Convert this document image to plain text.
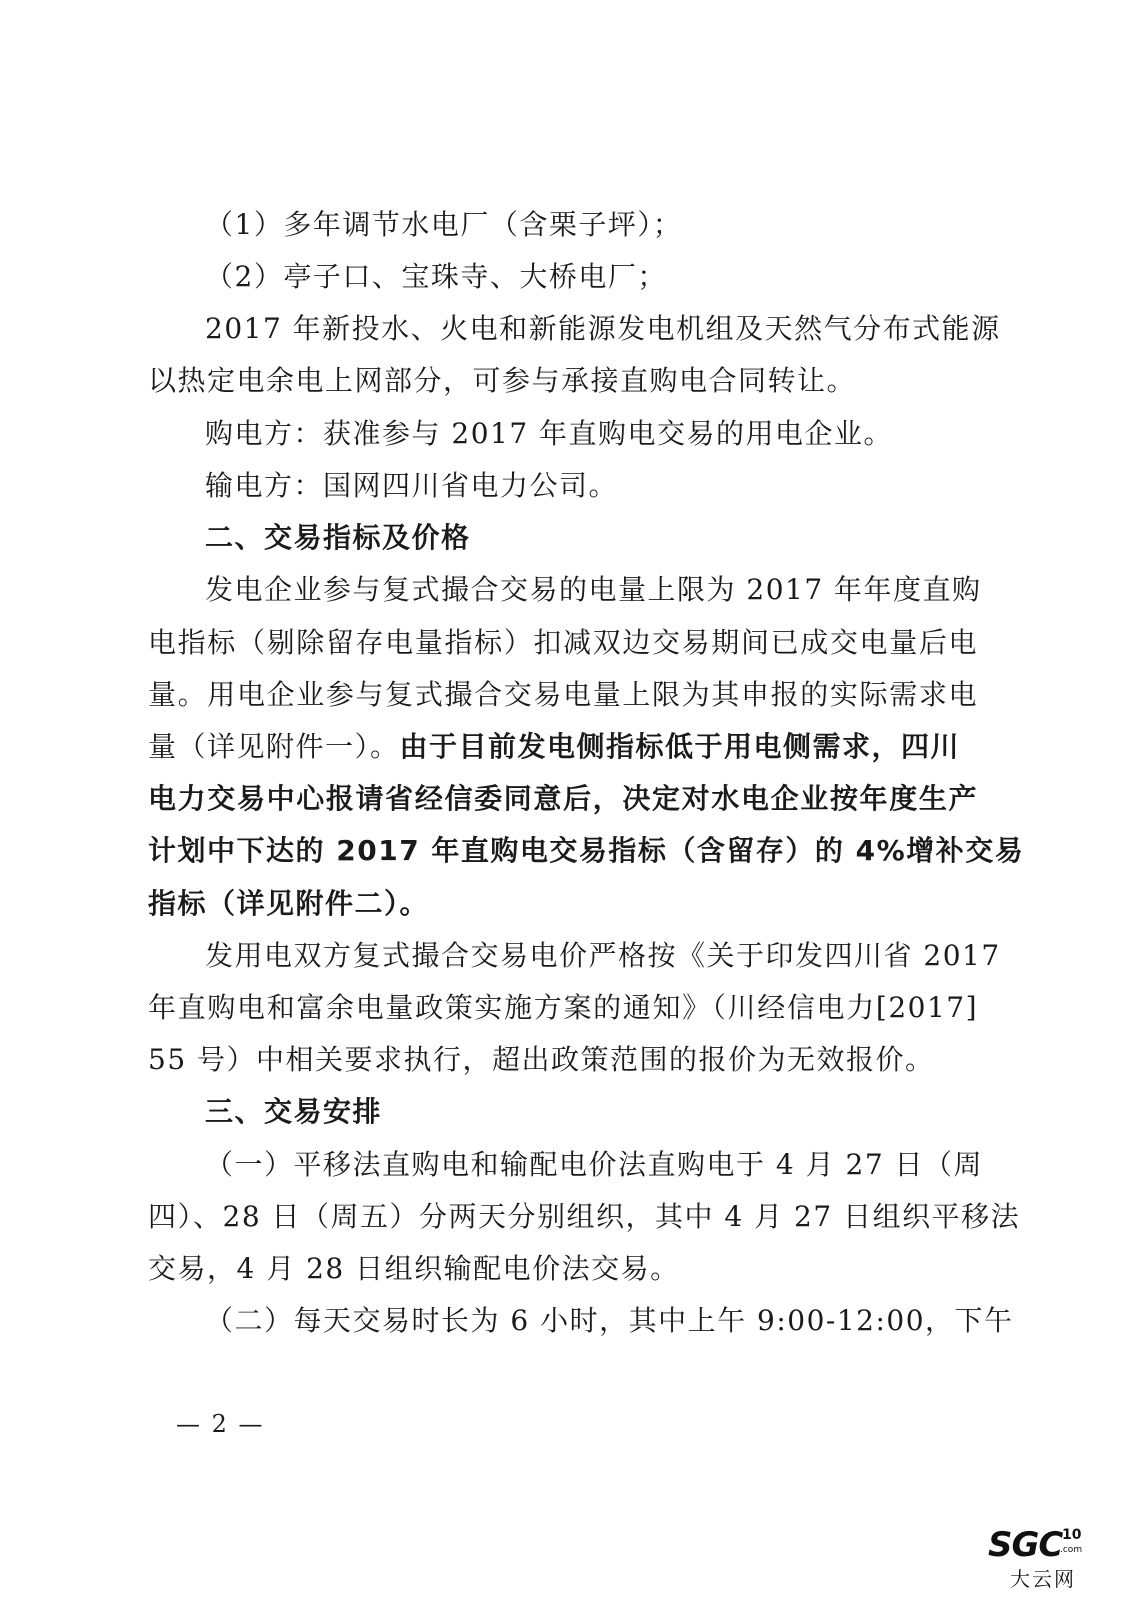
（1）多年调节水电厂（含栗子坪）；
（2）亭子口、宝珠寺、大桥电厂；
2017 年新投水、火电和新能源发电机组及天然气分布式能源
以热定电余电上网部分，可参与承接直购电合同转让。
购电方：获准参与 2017 年直购电交易的用电企业。
输电方：国网四川省电力公司。
二、交易指标及价格
发电企业参与复式撮合交易的电量上限为 2017 年年度直购
电指标（剔除留存电量指标）扣减双边交易期间已成交电量后电
量。用电企业参与复式撮合交易电量上限为其申报的实际需求电
量（详见附件一）。由于目前发电侧指标低于用电侧需求，四川
电力交易中心报请省经信委同意后，决定对水电企业按年度生产
计划中下达的 2017 年直购电交易指标（含留存）的 4%增补交易
指标（详见附件二）。
发用电双方复式撮合交易电价严格按《关于印发四川省 2017
年直购电和富余电量政策实施方案的通知》（川经信电力[2017]
55 号）中相关要求执行，超出政策范围的报价为无效报价。
三、交易安排
（一）平移法直购电和输配电价法直购电于 4 月 27 日（周
四）、28 日（周五）分两天分别组织，其中 4 月 27 日组织平移法
交易，4 月 28 日组织输配电价法交易。
（二）每天交易时长为 6 小时，其中上午 9:00-12:00，下午
— 2 —
SGC 10
.com
大云网
